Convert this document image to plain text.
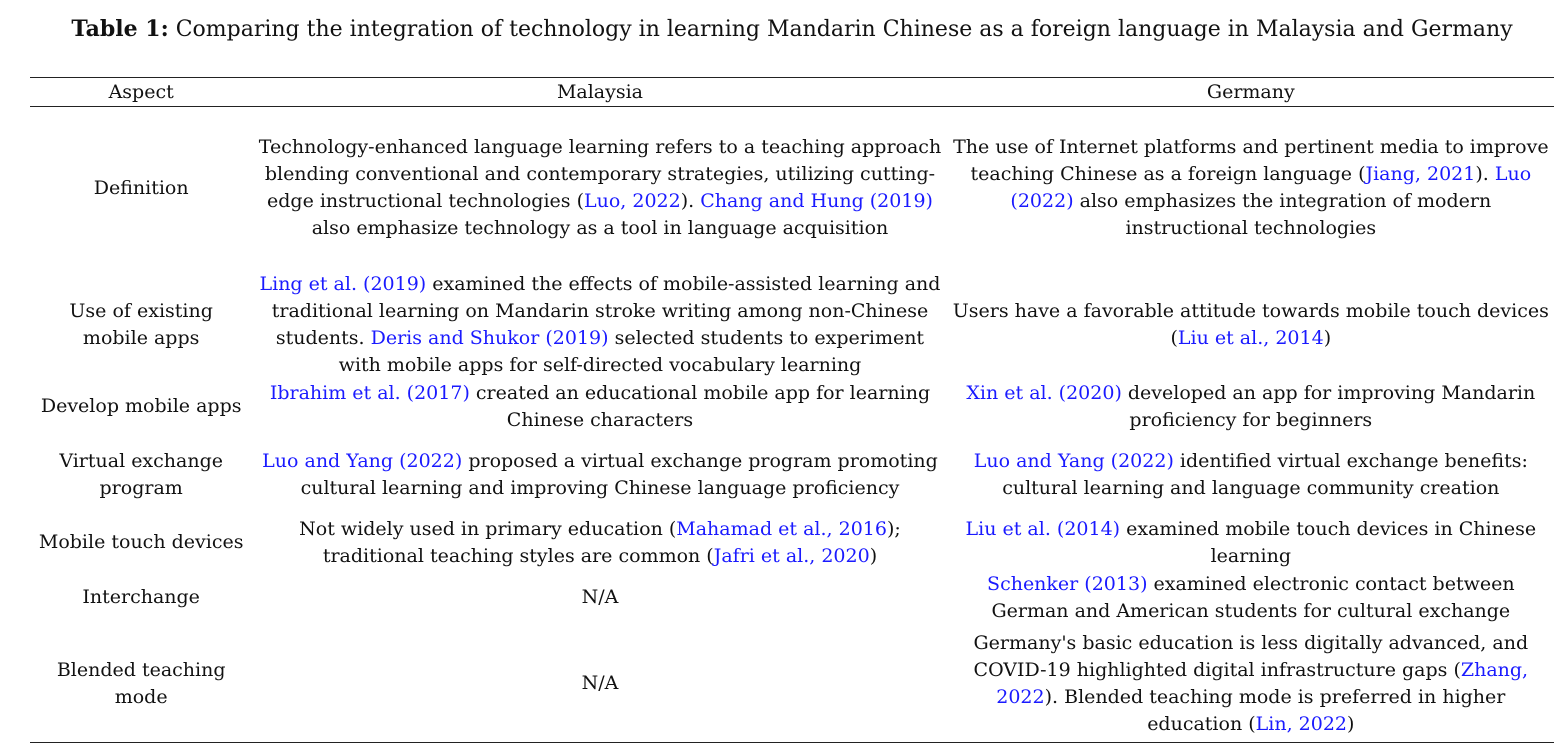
Table 1: Comparing the integration of technology in learning Mandarin Chinese as a foreign language in Malaysia and Germany
Aspect	Malaysia	Germany
Definition	Technology-enhanced language learning refers to a teaching approach blending conventional and contemporary strategies, utilizing cutting-edge instructional technologies (Luo, 2022). Chang and Hung (2019) also emphasize technology as a tool in language acquisition	The use of Internet platforms and pertinent media to improve teaching Chinese as a foreign language (Jiang, 2021). Luo (2022) also emphasizes the integration of modern instructional technologies
Use of existing mobile apps	Ling et al. (2019) examined the effects of mobile-assisted learning and traditional learning on Mandarin stroke writing among non-Chinese students. Deris and Shukor (2019) selected students to experiment with mobile apps for self-directed vocabulary learning	Users have a favorable attitude towards mobile touch devices (Liu et al., 2014)
Develop mobile apps	Ibrahim et al. (2017) created an educational mobile app for learning Chinese characters	Xin et al. (2020) developed an app for improving Mandarin proficiency for beginners
Virtual exchange program	Luo and Yang (2022) proposed a virtual exchange program promoting cultural learning and improving Chinese language proficiency	Luo and Yang (2022) identified virtual exchange benefits: cultural learning and language community creation
Mobile touch devices	Not widely used in primary education (Mahamad et al., 2016); traditional teaching styles are common (Jafri et al., 2020)	Liu et al. (2014) examined mobile touch devices in Chinese learning
Interchange	N/A	Schenker (2013) examined electronic contact between German and American students for cultural exchange
Blended teaching mode	N/A	Germany's basic education is less digitally advanced, and COVID-19 highlighted digital infrastructure gaps (Zhang, 2022). Blended teaching mode is preferred in higher education (Lin, 2022)
